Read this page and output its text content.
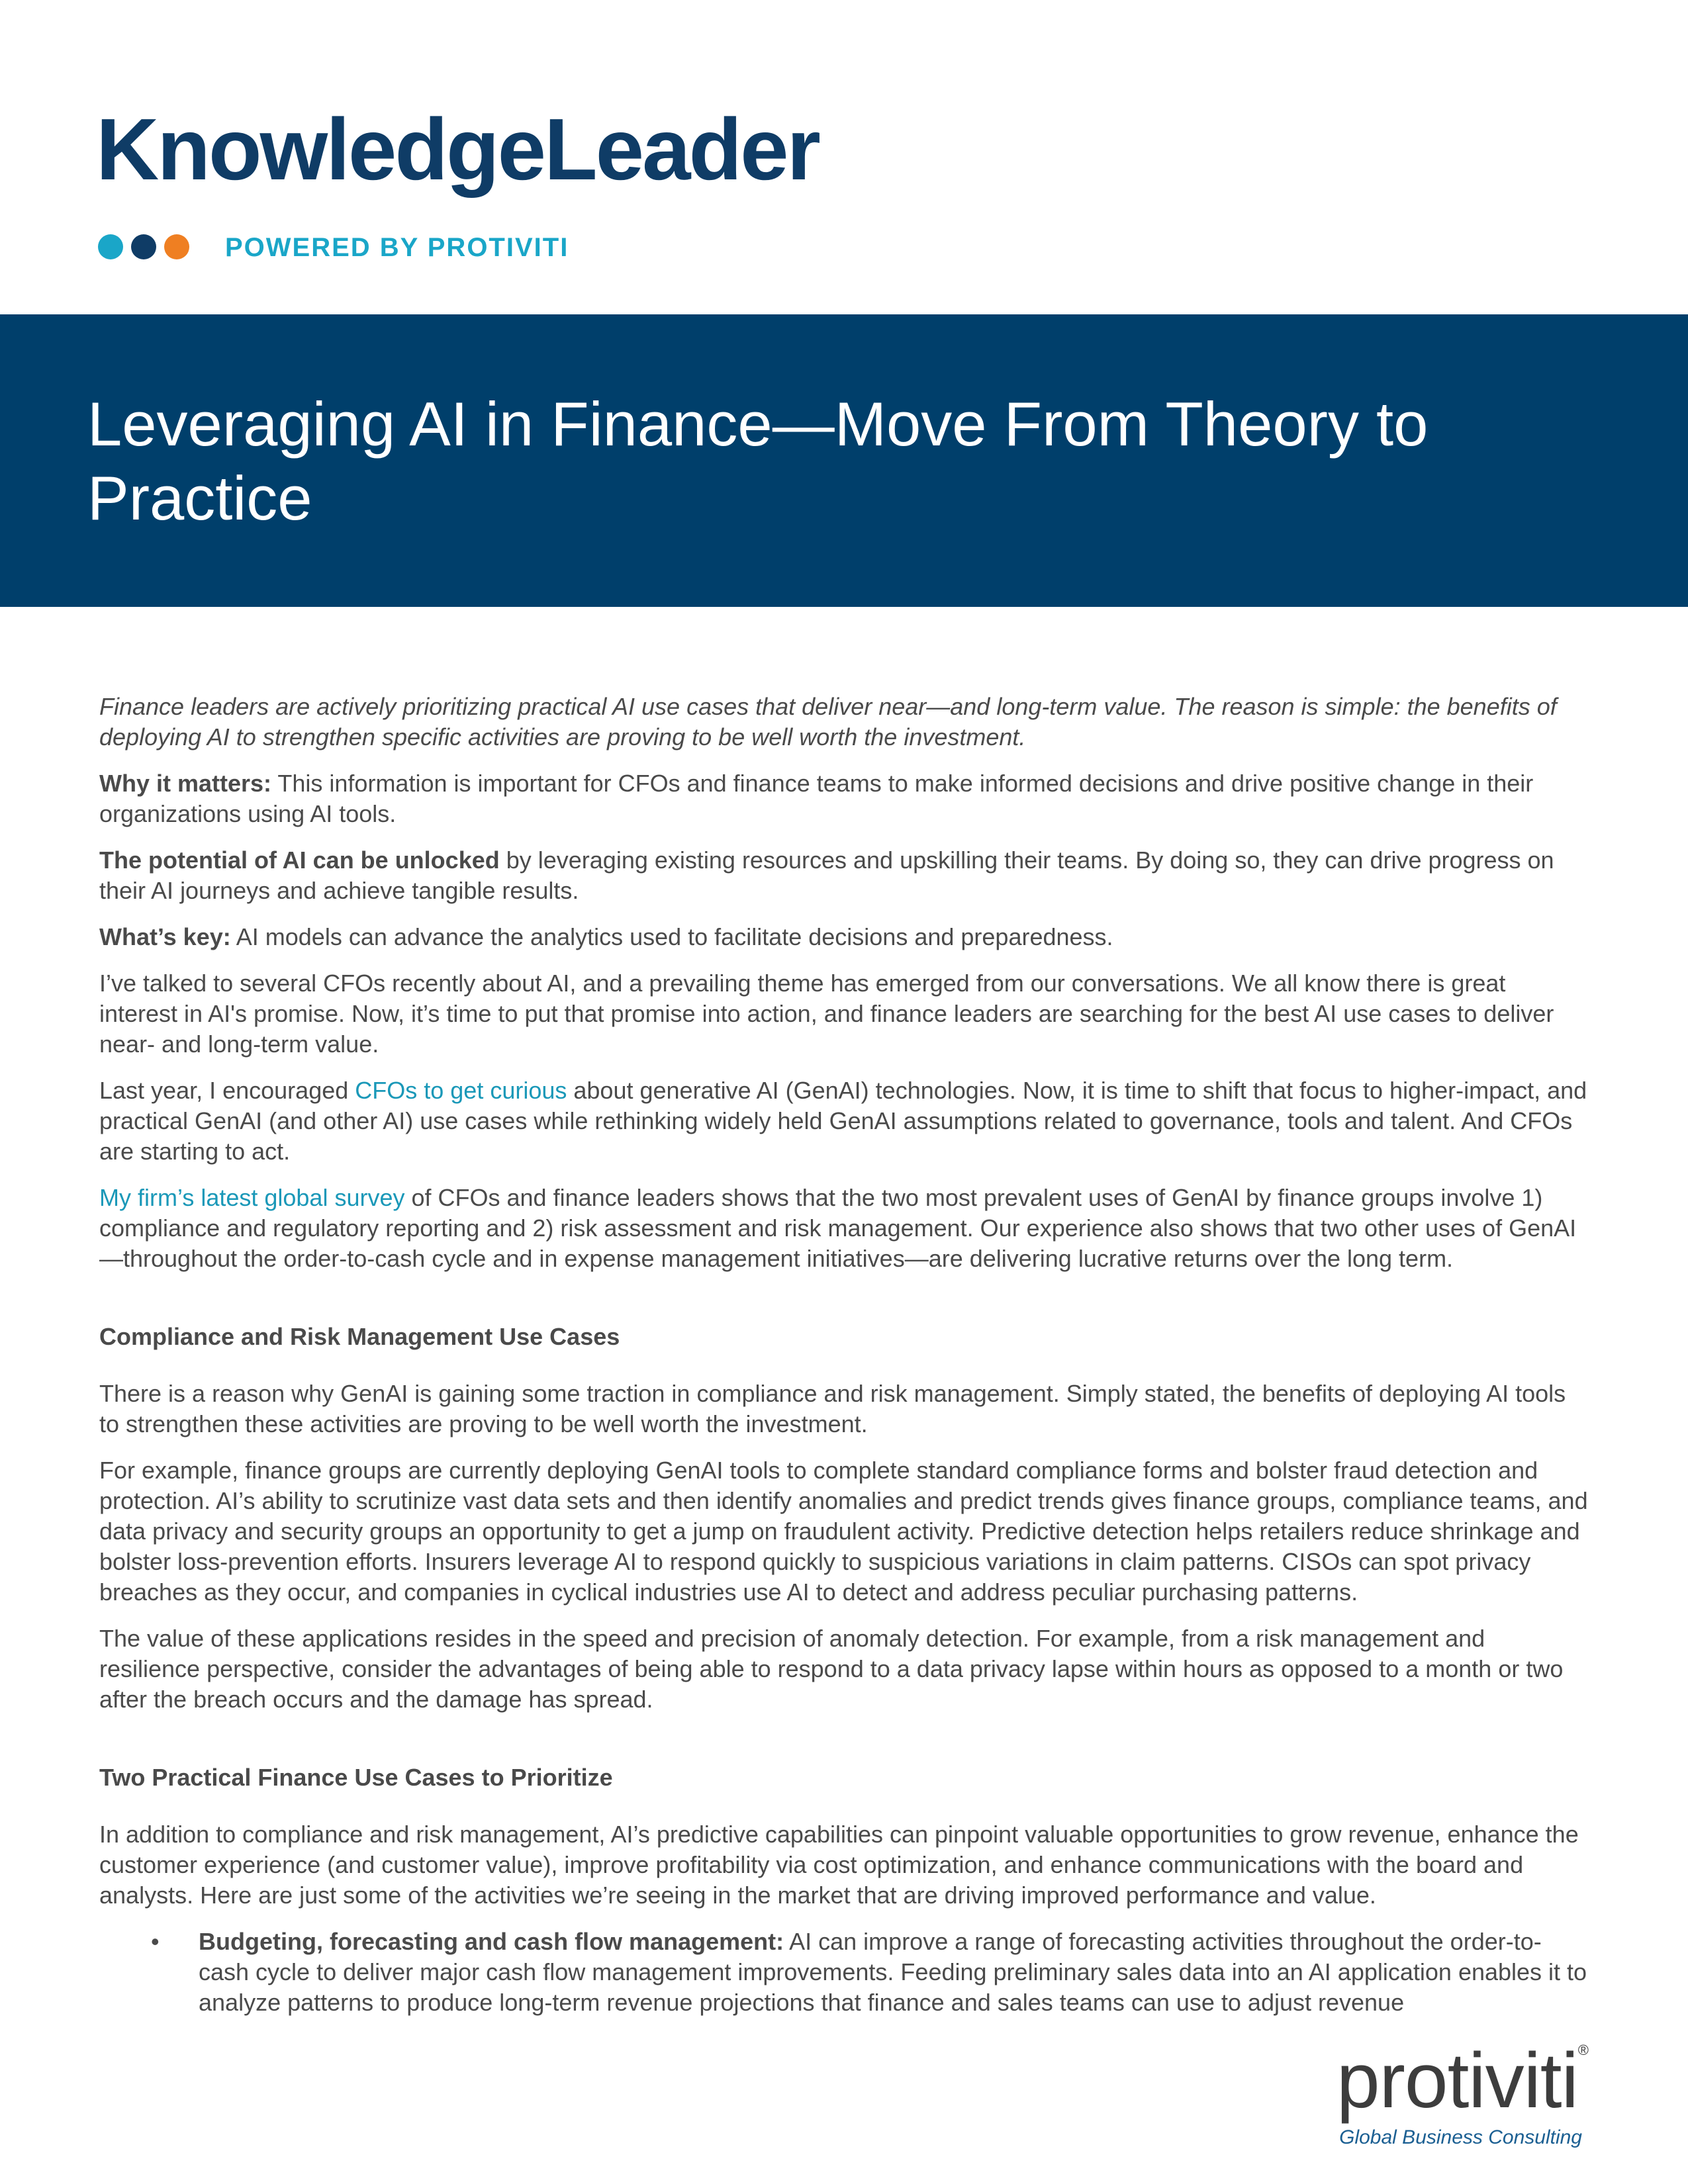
KnowledgeLeader
POWERED BY PROTIVITI
Leveraging AI in Finance—Move From Theory to Practice

Finance leaders are actively prioritizing practical AI use cases that deliver near—and long-term value. The reason is simple: the benefits of deploying AI to strengthen specific activities are proving to be well worth the investment.

Why it matters: This information is important for CFOs and finance teams to make informed decisions and drive positive change in their organizations using AI tools.

The potential of AI can be unlocked by leveraging existing resources and upskilling their teams. By doing so, they can drive progress on their AI journeys and achieve tangible results.

What’s key: AI models can advance the analytics used to facilitate decisions and preparedness.

I’ve talked to several CFOs recently about AI, and a prevailing theme has emerged from our conversations. We all know there is great interest in AI's promise. Now, it’s time to put that promise into action, and finance leaders are searching for the best AI use cases to deliver near- and long-term value.

Last year, I encouraged CFOs to get curious about generative AI (GenAI) technologies. Now, it is time to shift that focus to higher-impact, and practical GenAI (and other AI) use cases while rethinking widely held GenAI assumptions related to governance, tools and talent. And CFOs are starting to act.

My firm’s latest global survey of CFOs and finance leaders shows that the two most prevalent uses of GenAI by finance groups involve 1) compliance and regulatory reporting and 2) risk assessment and risk management. Our experience also shows that two other uses of GenAI—throughout the order-to-cash cycle and in expense management initiatives—are delivering lucrative returns over the long term.

Compliance and Risk Management Use Cases

There is a reason why GenAI is gaining some traction in compliance and risk management. Simply stated, the benefits of deploying AI tools to strengthen these activities are proving to be well worth the investment.

For example, finance groups are currently deploying GenAI tools to complete standard compliance forms and bolster fraud detection and protection. AI’s ability to scrutinize vast data sets and then identify anomalies and predict trends gives finance groups, compliance teams, and data privacy and security groups an opportunity to get a jump on fraudulent activity. Predictive detection helps retailers reduce shrinkage and bolster loss-prevention efforts. Insurers leverage AI to respond quickly to suspicious variations in claim patterns. CISOs can spot privacy breaches as they occur, and companies in cyclical industries use AI to detect and address peculiar purchasing patterns.

The value of these applications resides in the speed and precision of anomaly detection. For example, from a risk management and resilience perspective, consider the advantages of being able to respond to a data privacy lapse within hours as opposed to a month or two after the breach occurs and the damage has spread.

Two Practical Finance Use Cases to Prioritize

In addition to compliance and risk management, AI’s predictive capabilities can pinpoint valuable opportunities to grow revenue, enhance the customer experience (and customer value), improve profitability via cost optimization, and enhance communications with the board and analysts. Here are just some of the activities we’re seeing in the market that are driving improved performance and value.

• Budgeting, forecasting and cash flow management: AI can improve a range of forecasting activities throughout the order-to-cash cycle to deliver major cash flow management improvements. Feeding preliminary sales data into an AI application enables it to analyze patterns to produce long-term revenue projections that finance and sales teams can use to adjust revenue
protiviti®
Global Business Consulting
